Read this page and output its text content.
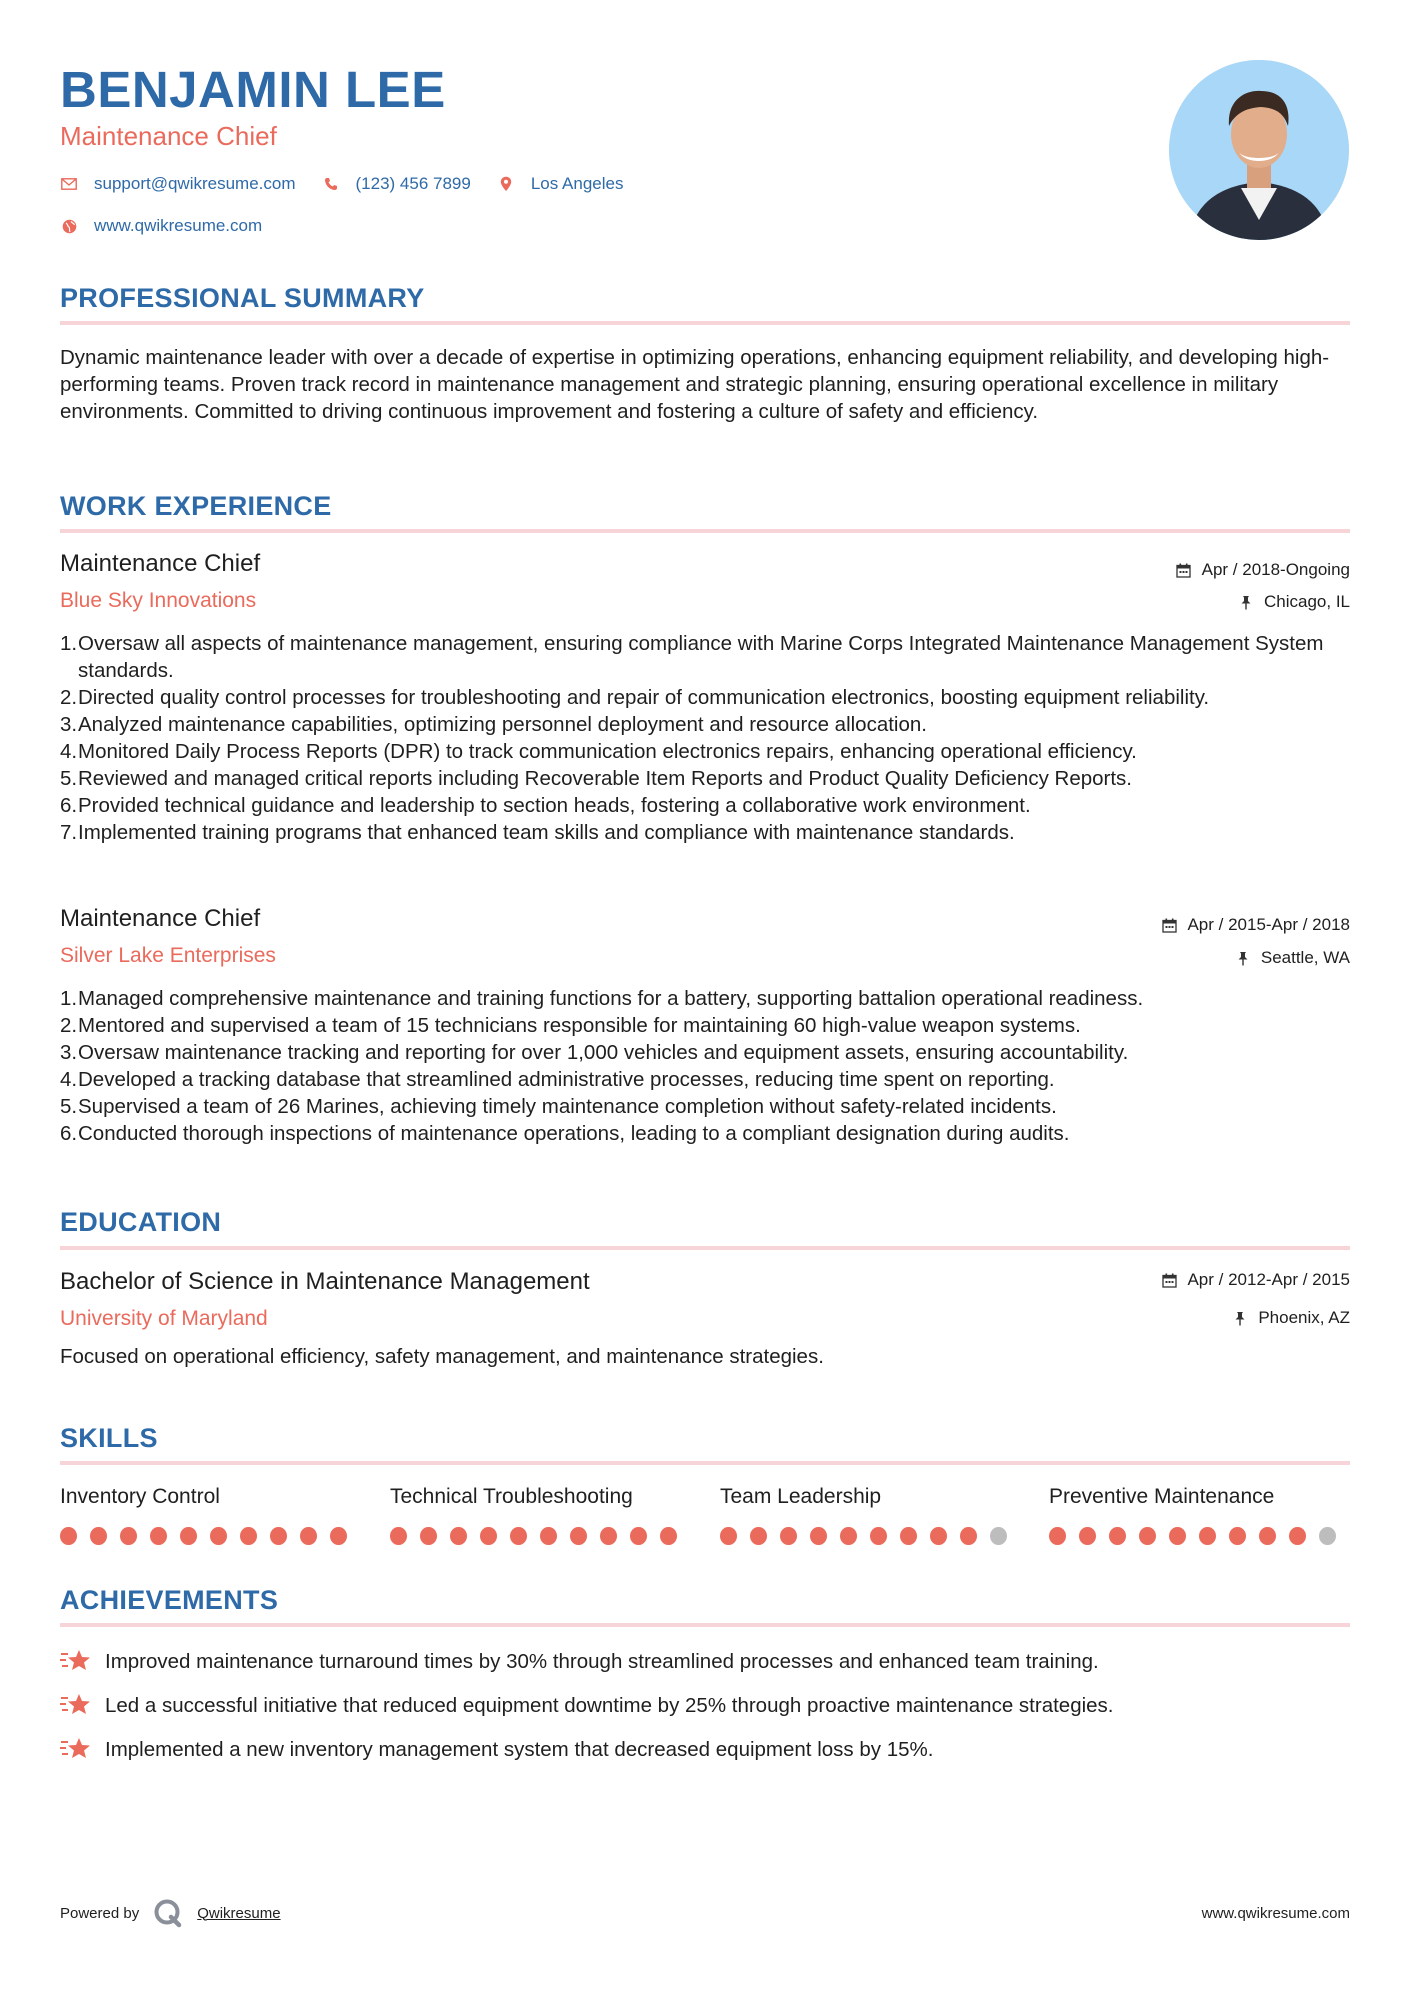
BENJAMIN LEE
Maintenance Chief
support@qwikresume.com	(123) 456 7899	Los Angeles
www.qwikresume.com
PROFESSIONAL SUMMARY
Dynamic maintenance leader with over a decade of expertise in optimizing operations, enhancing equipment reliability, and developing high-performing teams. Proven track record in maintenance management and strategic planning, ensuring operational excellence in military environments. Committed to driving continuous improvement and fostering a culture of safety and efficiency.
WORK EXPERIENCE
Maintenance Chief
Blue Sky Innovations
Apr / 2018-Ongoing
Chicago, IL
1. Oversaw all aspects of maintenance management, ensuring compliance with Marine Corps Integrated Maintenance Management System standards.
2. Directed quality control processes for troubleshooting and repair of communication electronics, boosting equipment reliability.
3. Analyzed maintenance capabilities, optimizing personnel deployment and resource allocation.
4. Monitored Daily Process Reports (DPR) to track communication electronics repairs, enhancing operational efficiency.
5. Reviewed and managed critical reports including Recoverable Item Reports and Product Quality Deficiency Reports.
6. Provided technical guidance and leadership to section heads, fostering a collaborative work environment.
7. Implemented training programs that enhanced team skills and compliance with maintenance standards.
Maintenance Chief
Silver Lake Enterprises
Apr / 2015-Apr / 2018
Seattle, WA
1. Managed comprehensive maintenance and training functions for a battery, supporting battalion operational readiness.
2. Mentored and supervised a team of 15 technicians responsible for maintaining 60 high-value weapon systems.
3. Oversaw maintenance tracking and reporting for over 1,000 vehicles and equipment assets, ensuring accountability.
4. Developed a tracking database that streamlined administrative processes, reducing time spent on reporting.
5. Supervised a team of 26 Marines, achieving timely maintenance completion without safety-related incidents.
6. Conducted thorough inspections of maintenance operations, leading to a compliant designation during audits.
EDUCATION
Bachelor of Science in Maintenance Management
University of Maryland
Apr / 2012-Apr / 2015
Phoenix, AZ
Focused on operational efficiency, safety management, and maintenance strategies.
SKILLS
Inventory Control	Technical Troubleshooting	Team Leadership	Preventive Maintenance
ACHIEVEMENTS
Improved maintenance turnaround times by 30% through streamlined processes and enhanced team training.
Led a successful initiative that reduced equipment downtime by 25% through proactive maintenance strategies.
Implemented a new inventory management system that decreased equipment loss by 15%.
Powered by	Qwikresume	www.qwikresume.com
